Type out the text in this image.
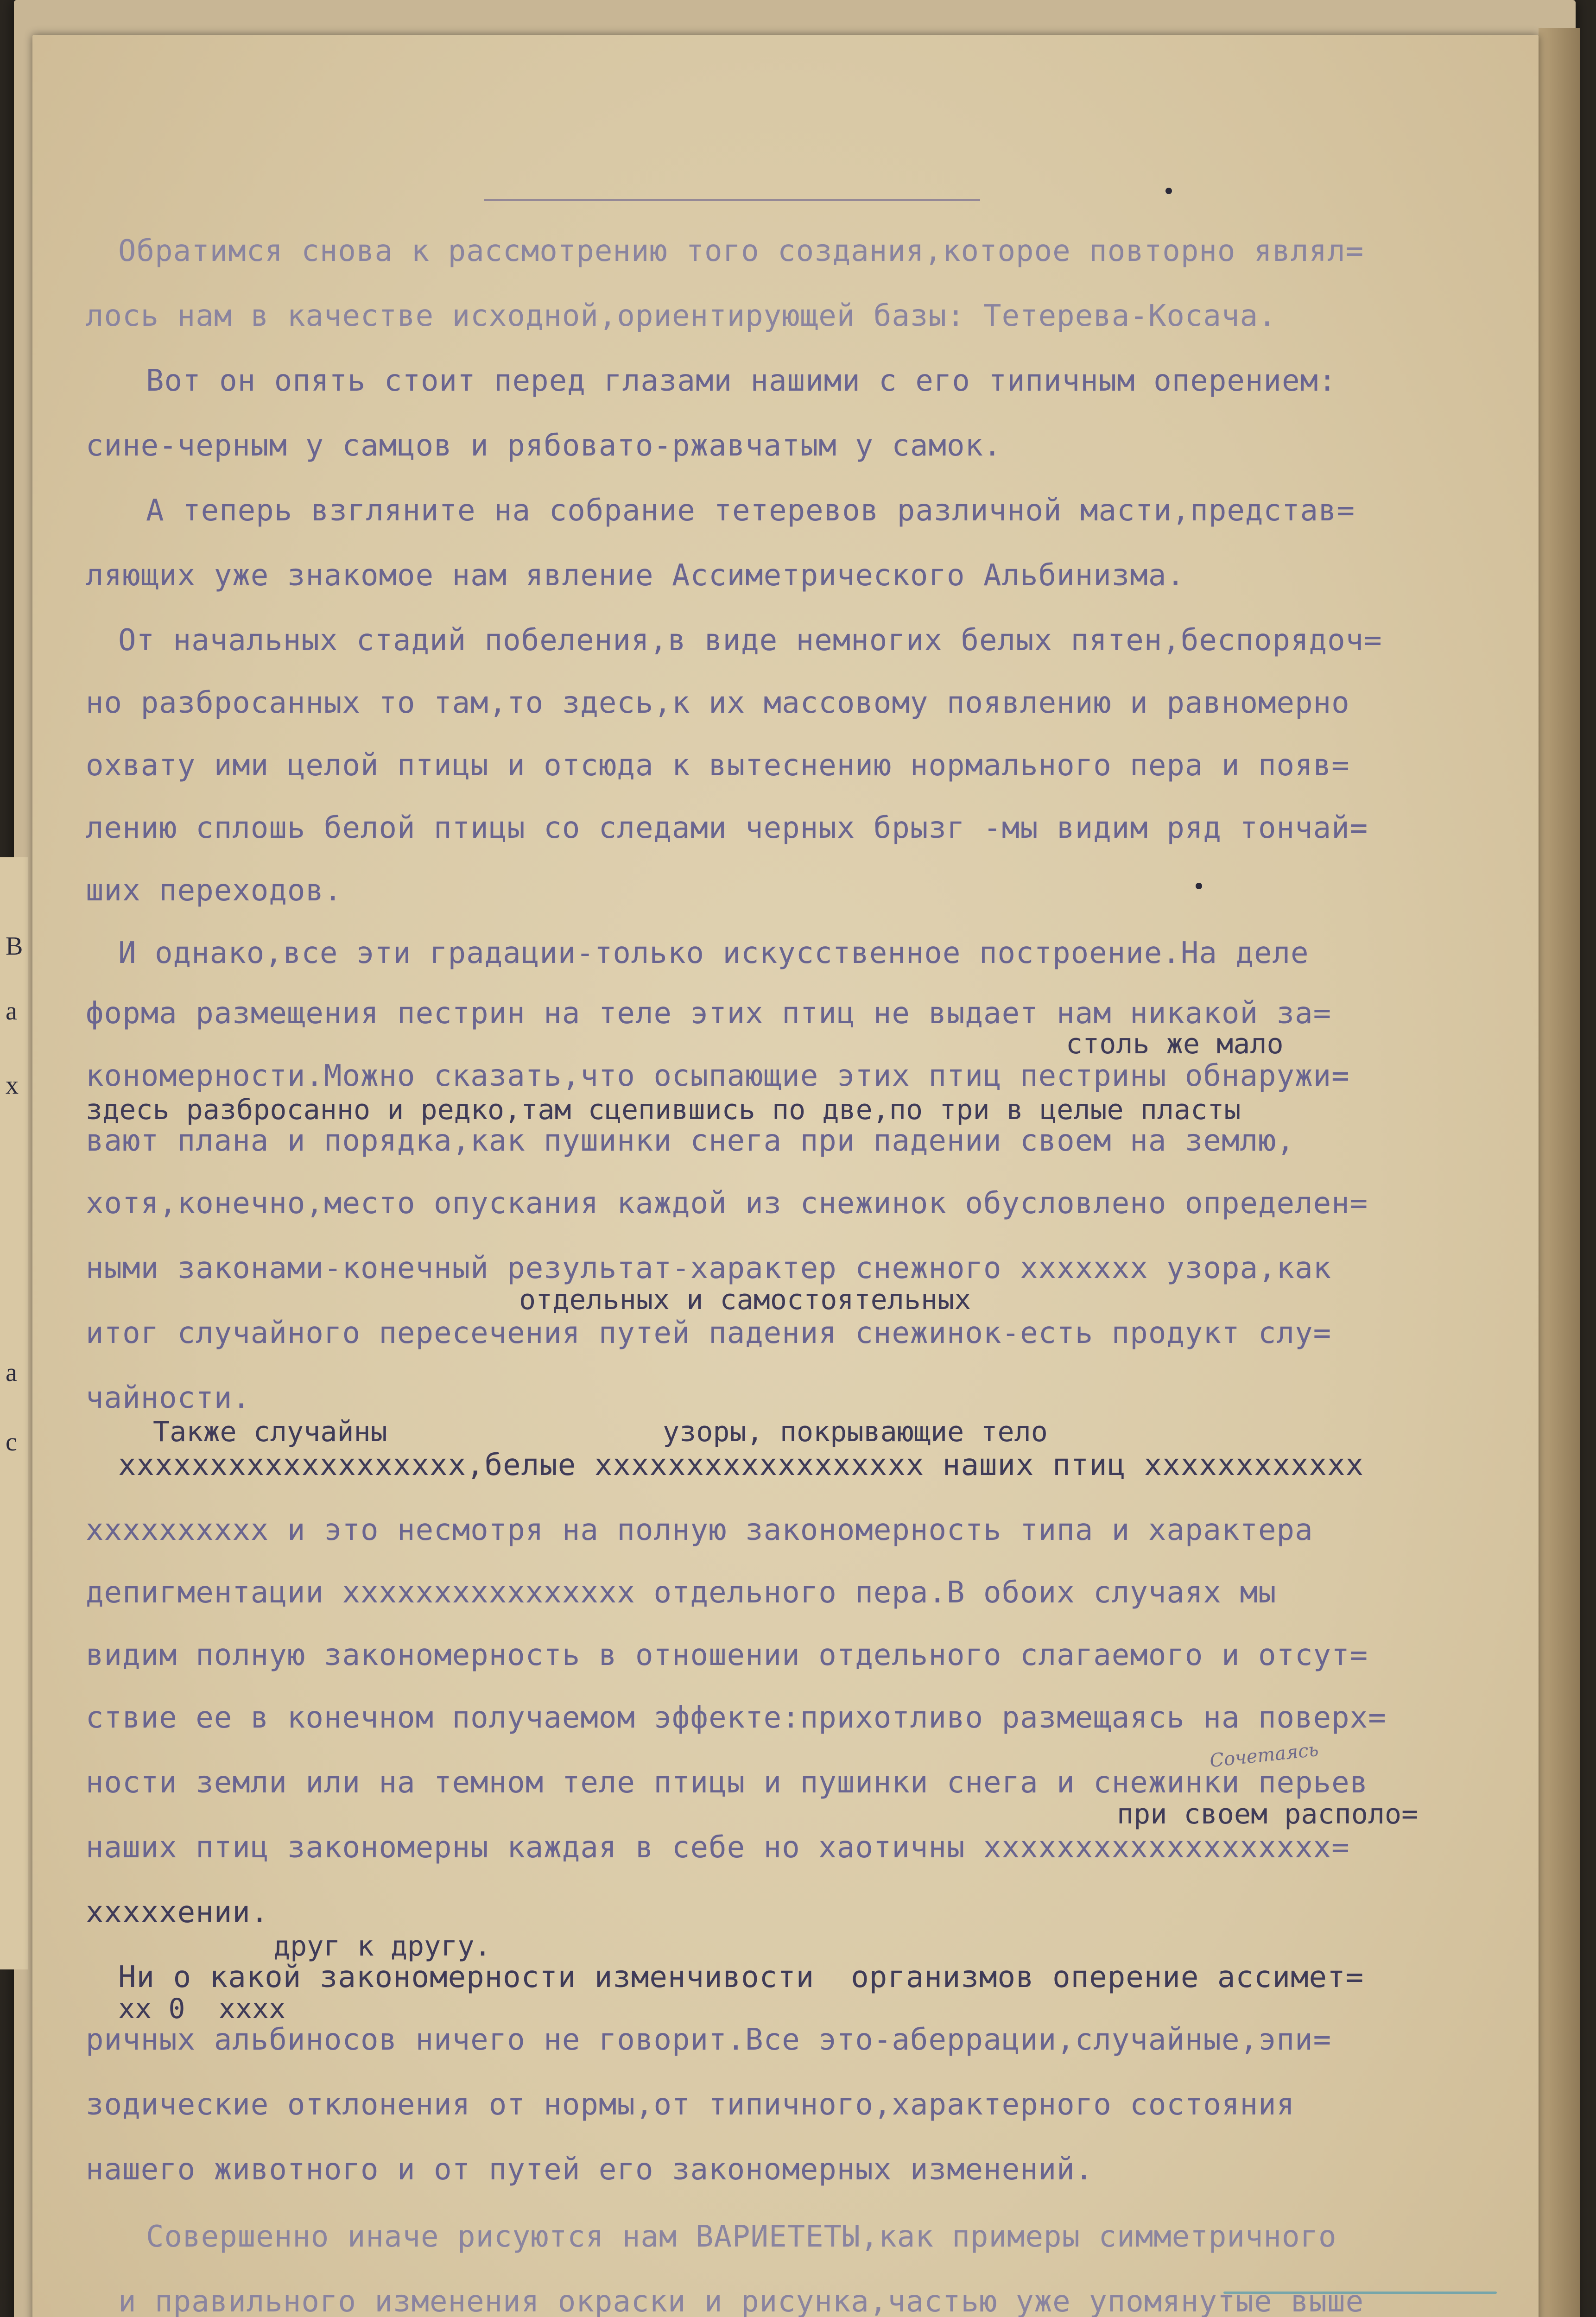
В
а
х
а
с
Обратимся снова к рассмотрению того создания,которое повторно являл=
лось нам в качестве исходной,ориентирующей базы: Тетерева-Косача.
Вот он опять стоит перед глазами нашими с его типичным оперением:
сине-черным у самцов и рябовато-ржавчатым у самок.
А теперь взгляните на собрание тетеревов различной масти,представ=
ляющих уже знакомое нам явление Ассиметрического Альбинизма.
От начальных стадий побеления,в виде немногих белых пятен,беспорядоч=
но разбросанных то там,то здесь,к их массовому появлению и равномерно
охвату ими целой птицы и отсюда к вытеснению нормального пера и появ=
лению сплошь белой птицы со следами черных брызг -мы видим ряд тончай=
ших переходов.
И однако,все эти градации-только искусственное построение.На деле
форма размещения пестрин на теле этих птиц не выдает нам никакой за=
столь же мало
кономерности.Можно сказать,что осыпающие этих птиц пестрины обнаружи=
здесь разбросанно и редко,там сцепившись по две,по три в целые пласты
вают плана и порядка,как пушинки снега при падении своем на землю,
хотя,конечно,место опускания каждой из снежинок обусловлено определен=
ными законами-конечный результат-характер снежного xxxxxxx узора,как
отдельных и самостоятельных
итог случайного пересечения путей падения снежинок-есть продукт слу=
чайности.
Также случайны	узоры, покрывающие тело
xxxxxxxxxxxxxxxxxxx,белые xxxxxxxxxxxxxxxxxx наших птиц xxxxxxxxxxxx
xxxxxxxxxx и это несмотря на полную закономерность типа и характера
депигментации xxxxxxxxxxxxxxxx отдельного пера.В обоих случаях мы
видим полную закономерность в отношении отдельного слагаемого и отсут=
ствие ее в конечном получаемом эффекте:прихотливо размещаясь на поверх=
Сочетаясь
ности земли или на темном теле птицы и пушинки снега и снежинки перьев
при своем располо=
наших птиц закономерны каждая в себе но хаотичны xxxxxxxxxxxxxxxxxxx=
xxxxxении.
друг к другу.
Ни о какой закономерности изменчивости  организмов оперение ассимет=
xx 0  xxxx
ричных альбиносов ничего не говорит.Все это-аберрации,случайные,эпи=
зодические отклонения от нормы,от типичного,характерного состояния
нашего животного и от путей его закономерных изменений.
Совершенно иначе рисуются нам ВАРИЕТЕТЫ,как примеры симметричного
и правильного изменения окраски и рисунка,частью уже упомянутые выше
